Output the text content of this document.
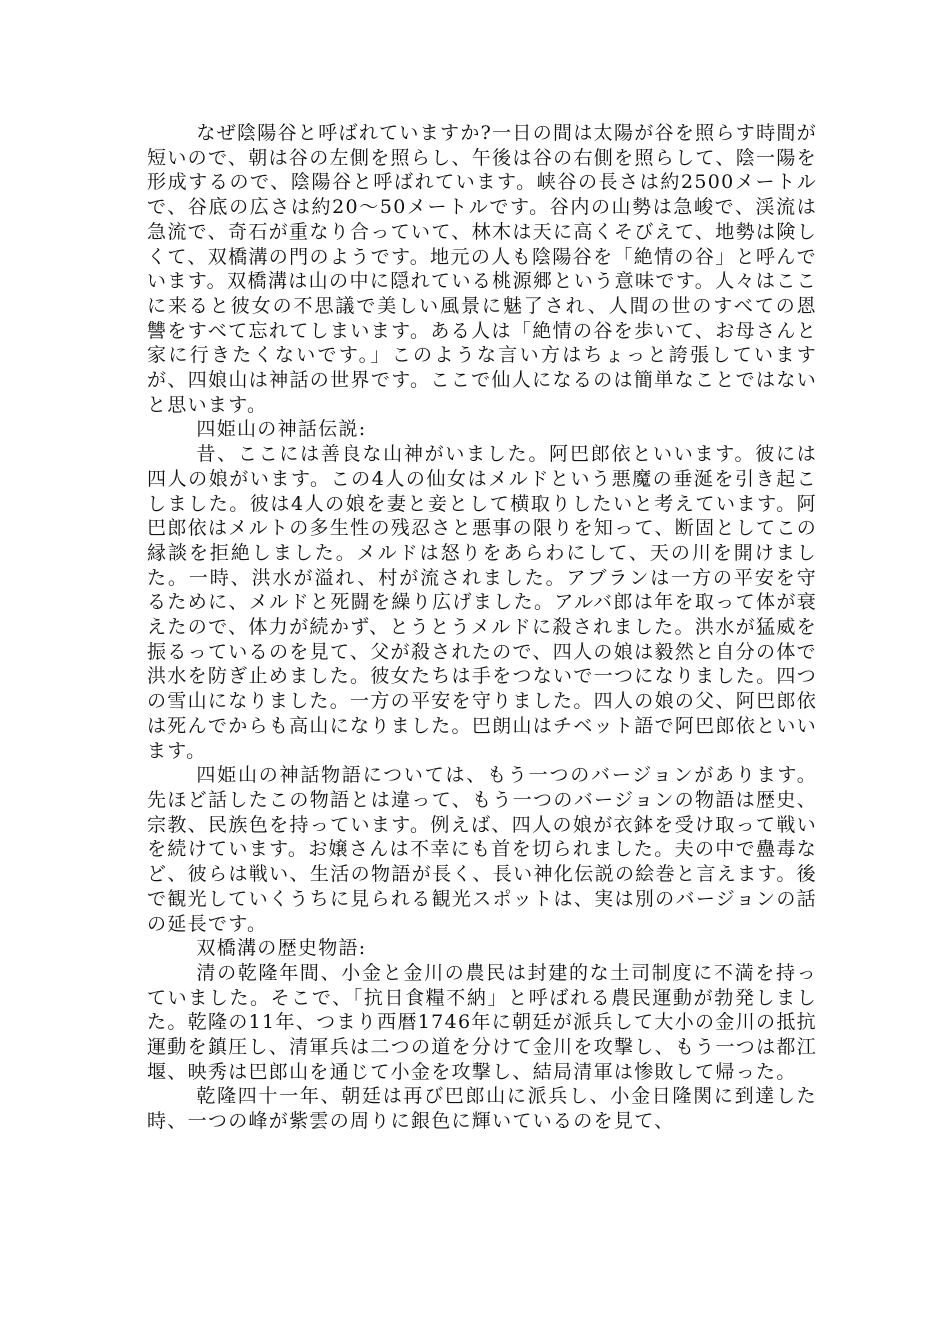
なぜ陰陽谷と呼ばれていますか?一日の間は太陽が谷を照らす時間が短いので、朝は谷の左側を照らし、午後は谷の右側を照らして、陰一陽を形成するので、陰陽谷と呼ばれています。峡谷の長さは約2500メートルで、谷底の広さは約20～50メートルです。谷内の山勢は急峻で、渓流は急流で、奇石が重なり合っていて、林木は天に高くそびえて、地勢は険しくて、双橋溝の門のようです。地元の人も陰陽谷を「絶情の谷」と呼んでいます。双橋溝は山の中に隠れている桃源郷という意味です。人々はここに来ると彼女の不思議で美しい風景に魅了され、人間の世のすべての恩讐をすべて忘れてしまいます。ある人は「絶情の谷を歩いて、お母さんと家に行きたくないです。」このような言い方はちょっと誇張していますが、四娘山は神話の世界です。ここで仙人になるのは簡単なことではないと思います。

四姫山の神話伝説:

昔、ここには善良な山神がいました。阿巴郎依といいます。彼には四人の娘がいます。この4人の仙女はメルドという悪魔の垂涎を引き起こしました。彼は4人の娘を妻と妾として横取りしたいと考えています。阿巴郎依はメルトの多生性の残忍さと悪事の限りを知って、断固としてこの縁談を拒絶しました。メルドは怒りをあらわにして、天の川を開けました。一時、洪水が溢れ、村が流されました。アブランは一方の平安を守るために、メルドと死闘を繰り広げました。アルバ郎は年を取って体が衰えたので、体力が続かず、とうとうメルドに殺されました。洪水が猛威を振るっているのを見て、父が殺されたので、四人の娘は毅然と自分の体で洪水を防ぎ止めました。彼女たちは手をつないで一つになりました。四つの雪山になりました。一方の平安を守りました。四人の娘の父、阿巴郎依は死んでからも高山になりました。巴朗山はチベット語で阿巴郎依といいます。

四姫山の神話物語については、もう一つのバージョンがあります。先ほど話したこの物語とは違って、もう一つのバージョンの物語は歴史、宗教、民族色を持っています。例えば、四人の娘が衣鉢を受け取って戦いを続けています。お嬢さんは不幸にも首を切られました。夫の中で蠱毒など、彼らは戦い、生活の物語が長く、長い神化伝説の絵巻と言えます。後で観光していくうちに見られる観光スポットは、実は別のバージョンの話の延長です。

双橋溝の歴史物語:

清の乾隆年間、小金と金川の農民は封建的な土司制度に不満を持っていました。そこで、「抗日食糧不納」と呼ばれる農民運動が勃発しました。乾隆の11年、つまり西暦1746年に朝廷が派兵して大小の金川の抵抗運動を鎮圧し、清軍兵は二つの道を分けて金川を攻撃し、もう一つは都江堰、映秀は巴郎山を通じて小金を攻撃し、結局清軍は惨敗して帰った。

乾隆四十一年、朝廷は再び巴郎山に派兵し、小金日隆関に到達した時、一つの峰が紫雲の周りに銀色に輝いているのを見て、
